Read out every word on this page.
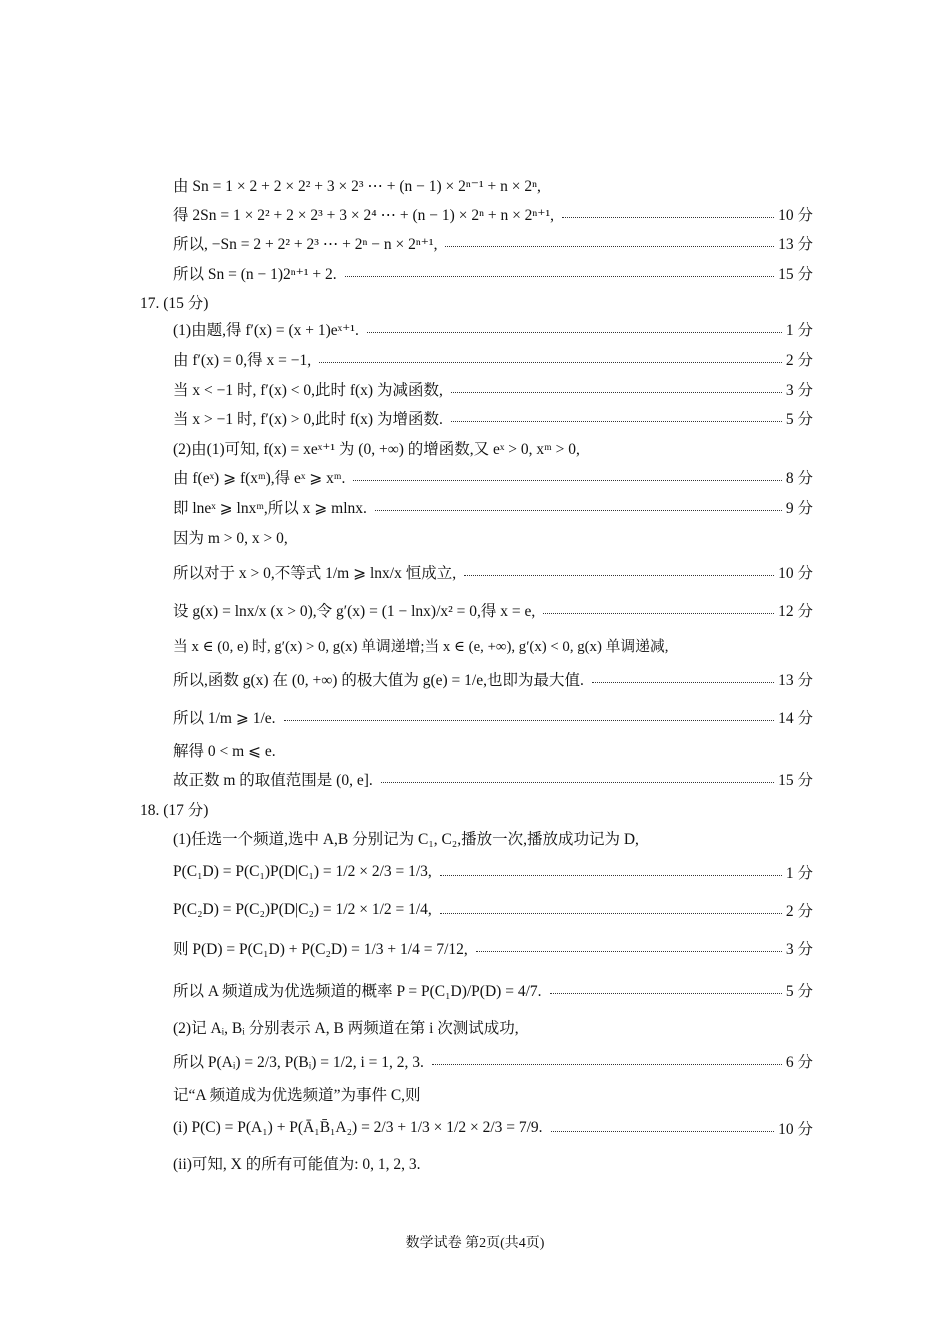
由 Sn = 1 × 2 + 2 × 2² + 3 × 2³ ⋯ + (n − 1) × 2ⁿ⁻¹ + n × 2ⁿ,
得 2Sn = 1 × 2² + 2 × 2³ + 3 × 2⁴ ⋯ + (n − 1) × 2ⁿ + n × 2ⁿ⁺¹,	10 分
所以, −Sn = 2 + 2² + 2³ ⋯ + 2ⁿ − n × 2ⁿ⁺¹,	13 分
所以 Sn = (n − 1)2ⁿ⁺¹ + 2.	15 分
17. (15 分)
(1)由题,得 f′(x) = (x + 1)eˣ⁺¹.	1 分
由 f′(x) = 0,得 x = −1,	2 分
当 x < −1 时, f′(x) < 0,此时 f(x) 为减函数,	3 分
当 x > −1 时, f′(x) > 0,此时 f(x) 为增函数.	5 分
(2)由(1)可知, f(x) = xeˣ⁺¹ 为 (0, +∞) 的增函数,又 eˣ > 0, xᵐ > 0,
由 f(eˣ) ⩾ f(xᵐ),得 eˣ ⩾ xᵐ.	8 分
即 lneˣ ⩾ lnxᵐ,所以 x ⩾ mlnx.	9 分
因为 m > 0, x > 0,
所以对于 x > 0,不等式 1/m ⩾ lnx/x 恒成立,	10 分
设 g(x) = lnx/x (x > 0),令 g′(x) = (1 − lnx)/x² = 0,得 x = e,	12 分
当 x ∈ (0, e) 时, g′(x) > 0, g(x) 单调递增;当 x ∈ (e, +∞), g′(x) < 0, g(x) 单调递减,
所以,函数 g(x) 在 (0, +∞) 的极大值为 g(e) = 1/e,也即为最大值.	13 分
所以 1/m ⩾ 1/e.	14 分
解得 0 < m ⩽ e.
故正数 m 的取值范围是 (0, e].	15 分
18. (17 分)
(1)任选一个频道,选中 A,B 分别记为 C₁, C₂,播放一次,播放成功记为 D,
P(C₁D) = P(C₁)P(D|C₁) = 1/2 × 2/3 = 1/3,	1 分
P(C₂D) = P(C₂)P(D|C₂) = 1/2 × 1/2 = 1/4,	2 分
则 P(D) = P(C₁D) + P(C₂D) = 1/3 + 1/4 = 7/12,	3 分
所以 A 频道成为优选频道的概率 P = P(C₁D)/P(D) = 4/7.	5 分
(2)记 Aᵢ, Bᵢ 分别表示 A, B 两频道在第 i 次测试成功,
所以 P(Aᵢ) = 2/3, P(Bᵢ) = 1/2, i = 1, 2, 3.	6 分
记“A 频道成为优选频道”为事件 C,则
(i) P(C) = P(A₁) + P(Ā₁B̄₁A₂) = 2/3 + 1/3 × 1/2 × 2/3 = 7/9.	10 分
(ii)可知, X 的所有可能值为: 0, 1, 2, 3.
数学试卷 第2页(共4页)
